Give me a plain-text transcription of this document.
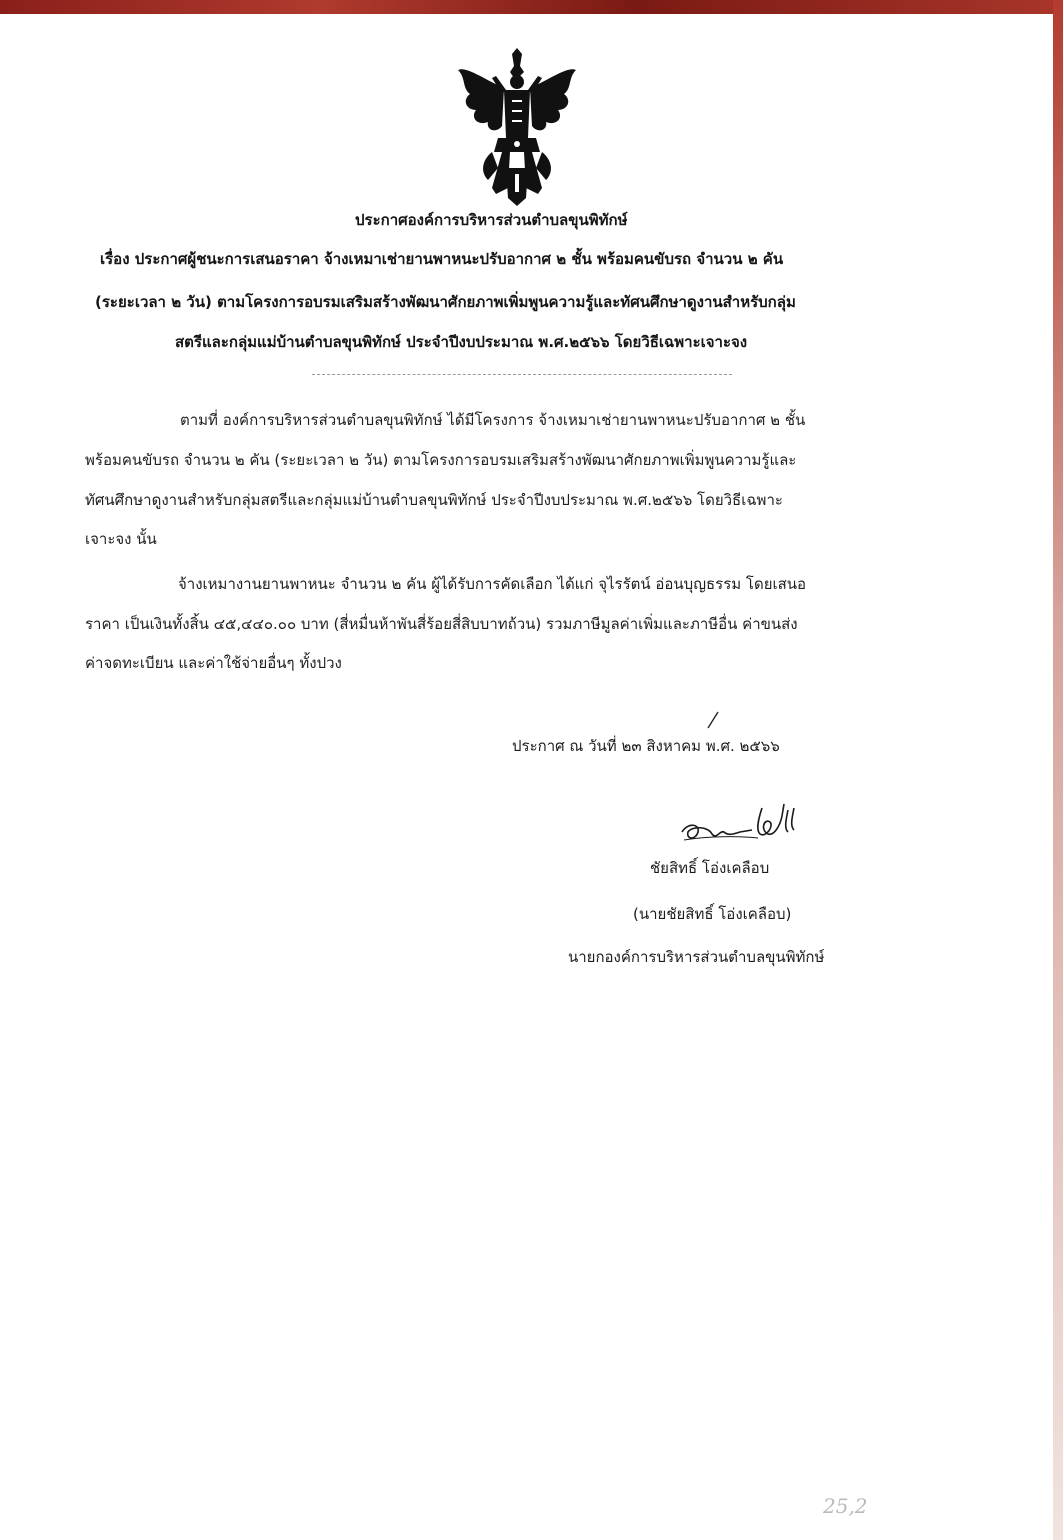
ประกาศองค์การบริหารส่วนตำบลขุนพิทักษ์
เรื่อง ประกาศผู้ชนะการเสนอราคา จ้างเหมาเช่ายานพาหนะปรับอากาศ ๒ ชั้น พร้อมคนขับรถ จำนวน ๒ คัน
(ระยะเวลา ๒ วัน) ตามโครงการอบรมเสริมสร้างพัฒนาศักยภาพเพิ่มพูนความรู้และทัศนศึกษาดูงานสำหรับกลุ่ม
สตรีและกลุ่มแม่บ้านตำบลขุนพิทักษ์ ประจำปีงบประมาณ พ.ศ.๒๕๖๖ โดยวิธีเฉพาะเจาะจง
ตามที่ องค์การบริหารส่วนตำบลขุนพิทักษ์ ได้มีโครงการ จ้างเหมาเช่ายานพาหนะปรับอากาศ ๒ ชั้น
พร้อมคนขับรถ จำนวน ๒ คัน (ระยะเวลา ๒ วัน) ตามโครงการอบรมเสริมสร้างพัฒนาศักยภาพเพิ่มพูนความรู้และ
ทัศนศึกษาดูงานสำหรับกลุ่มสตรีและกลุ่มแม่บ้านตำบลขุนพิทักษ์ ประจำปีงบประมาณ พ.ศ.๒๕๖๖ โดยวิธีเฉพาะ
เจาะจง นั้น
จ้างเหมางานยานพาหนะ จำนวน ๒ คัน ผู้ได้รับการคัดเลือก ได้แก่ จุไรรัตน์ อ่อนบุญธรรม โดยเสนอ
ราคา เป็นเงินทั้งสิ้น ๔๕,๔๔๐.๐๐ บาท (สี่หมื่นห้าพันสี่ร้อยสี่สิบบาทถ้วน) รวมภาษีมูลค่าเพิ่มและภาษีอื่น ค่าขนส่ง
ค่าจดทะเบียน และค่าใช้จ่ายอื่นๆ ทั้งปวง
ประกาศ ณ วันที่ ๒๓ สิงหาคม พ.ศ. ๒๕๖๖
ชัยสิทธิ์ โอ่งเคลือบ
(นายชัยสิทธิ์ โอ่งเคลือบ)
นายกองค์การบริหารส่วนตำบลขุนพิทักษ์
25,2
